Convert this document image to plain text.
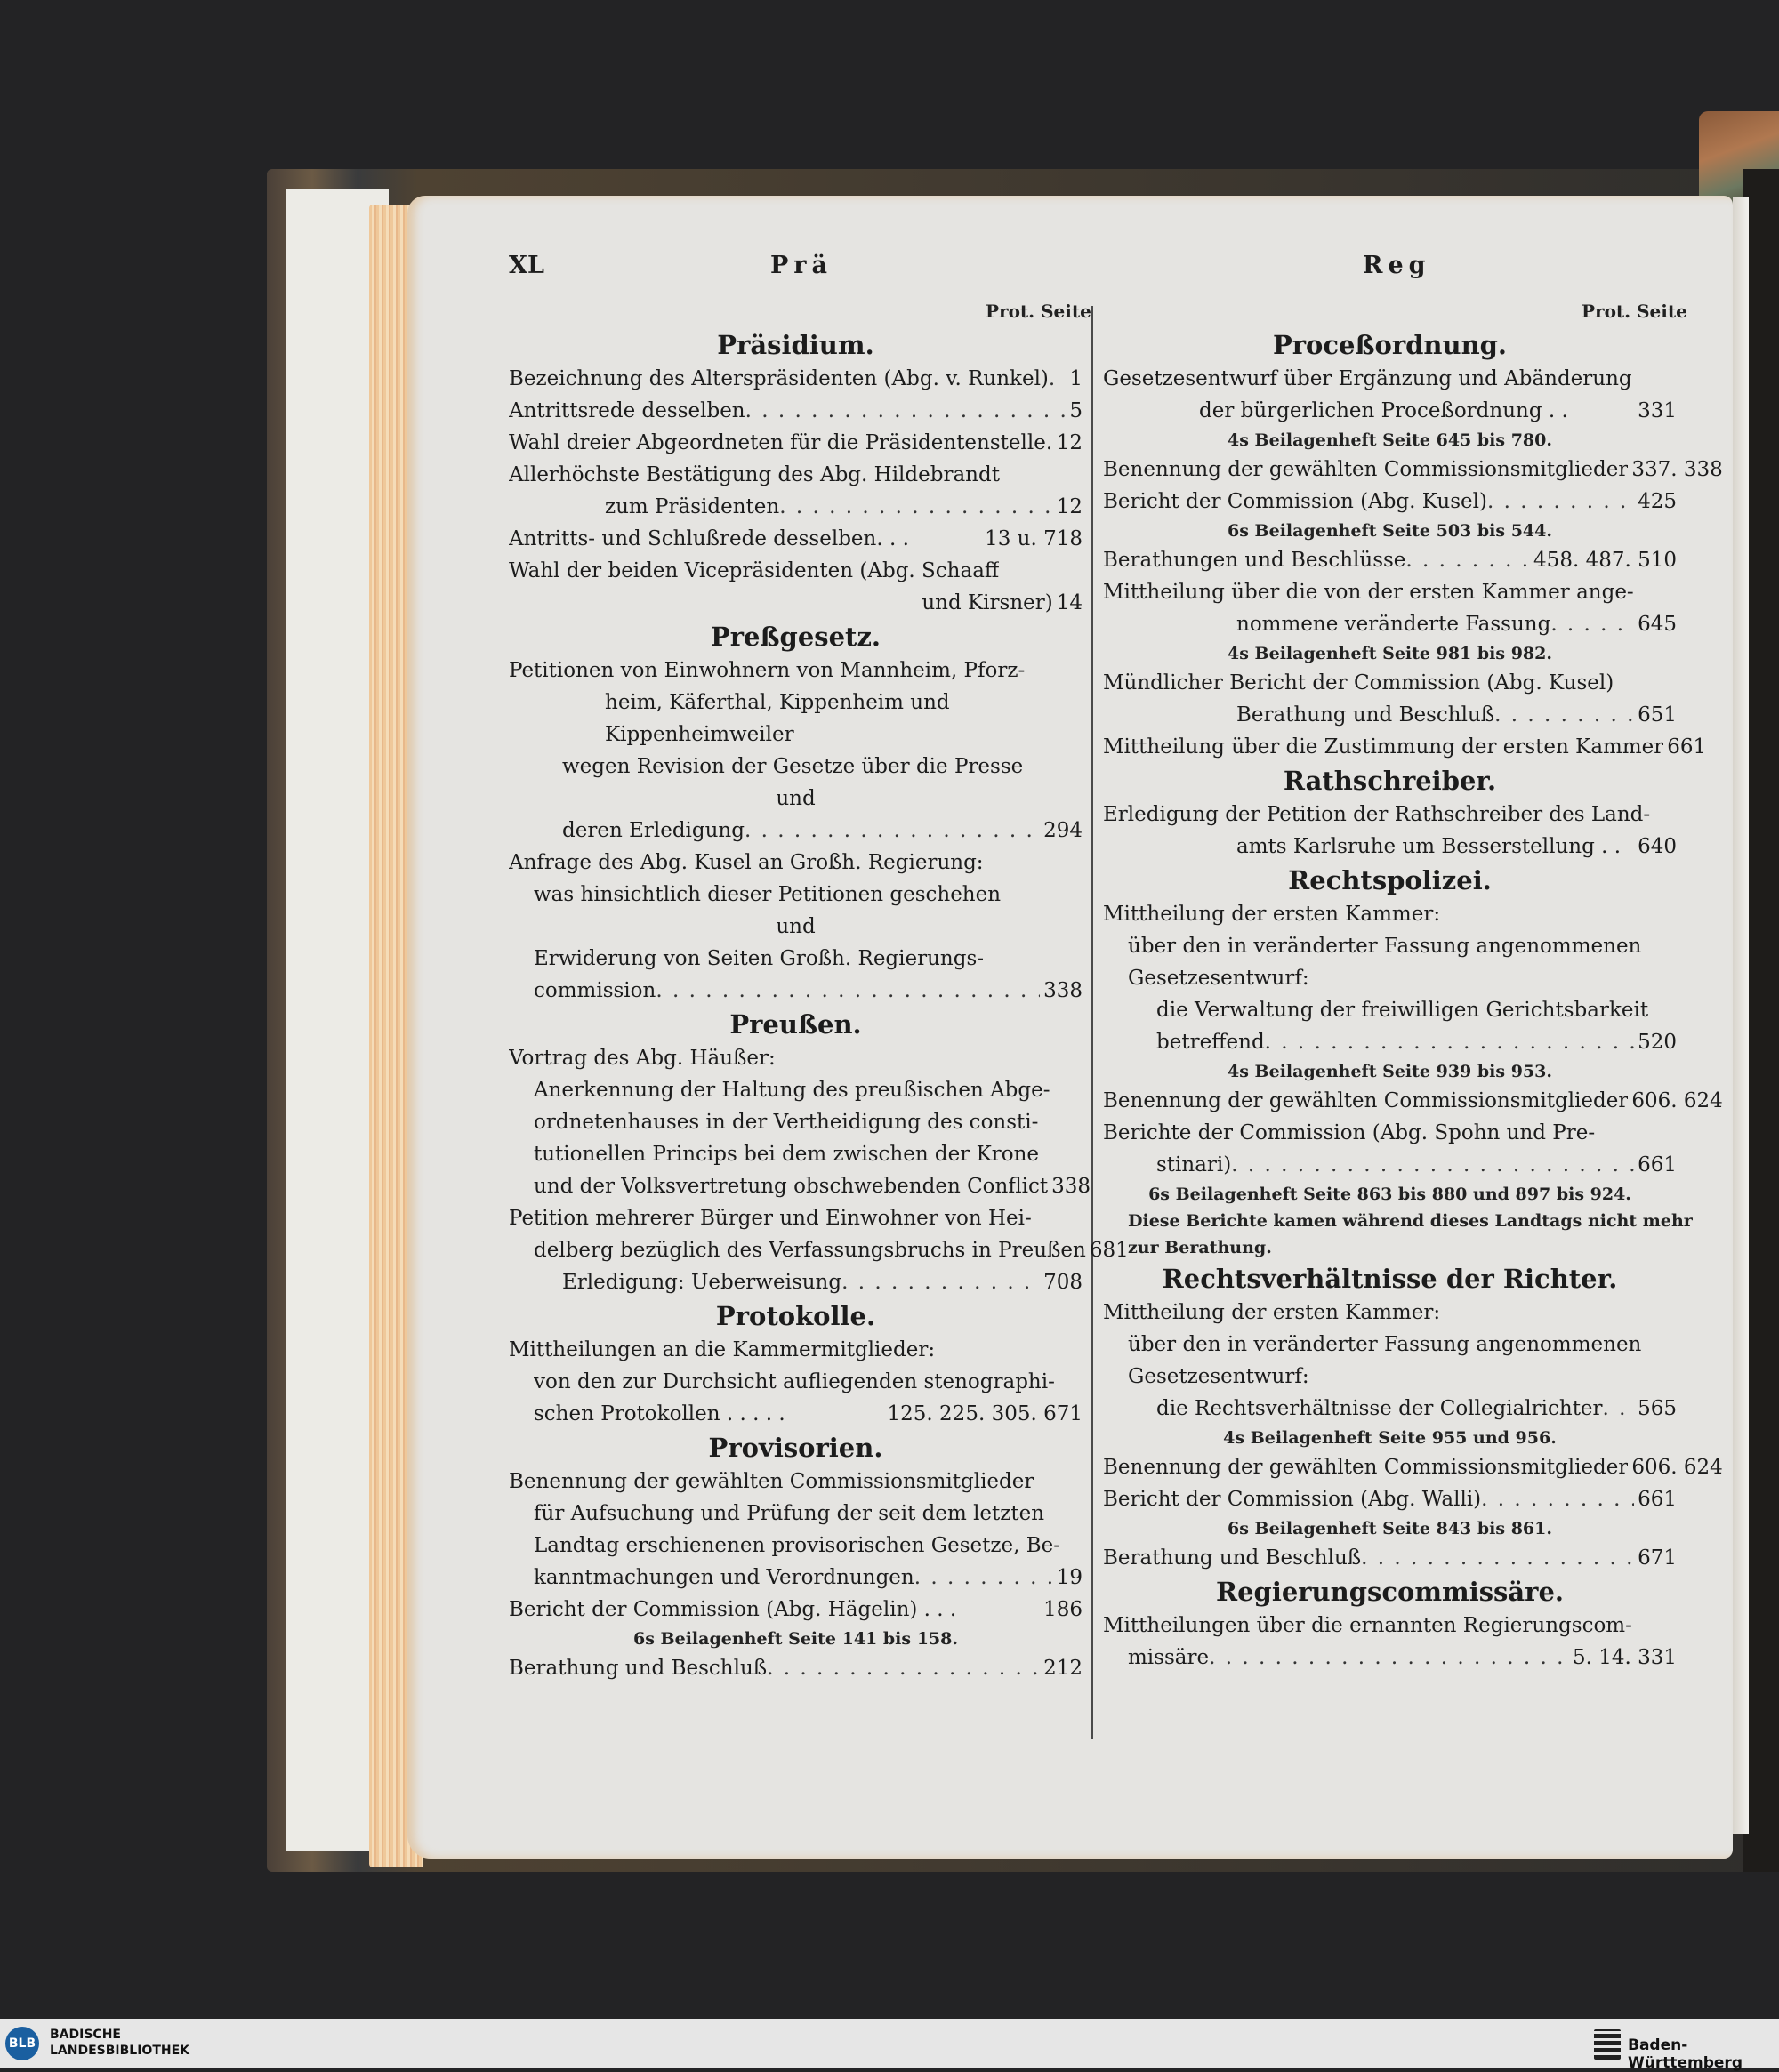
XL	Prä	Reg
Prot. Seite	Prot. Seite
Präsidium.
Bezeichnung des Alterspräsidenten (Abg. v. Runkel) . . . 1
Antrittsrede desselben . . .	5
Wahl dreier Abgeordneten für die Präsidentenstelle. . . . 12
Allerhöchste Bestätigung des Abg. Hildebrandt
zum Präsidenten . . .	12
Antritts- und Schlußrede desselben. . .	13 u. 718
Wahl der beiden Vicepräsidenten (Abg. Schaaff
und Kirsner) 14
Preßgesetz.
Petitionen von Einwohnern von Mannheim, Pforz-
heim, Käferthal, Kippenheim und
Kippenheimweiler
wegen Revision der Gesetze über die Presse
und
deren Erledigung . . .	294
Anfrage des Abg. Kusel an Großh. Regierung:
was hinsichtlich dieser Petitionen geschehen
und
Erwiderung von Seiten Großh. Regierungs-
commission . . .	338
Preußen.
Vortrag des Abg. Häußer:
Anerkennung der Haltung des preußischen Abge-
ordnetenhauses in der Vertheidigung des consti-
tutionellen Princips bei dem zwischen der Krone
und der Volksvertretung obschwebenden Conflict 338
Petition mehrerer Bürger und Einwohner von Hei-
delberg bezüglich des Verfassungsbruchs in Preußen 681
Erledigung: Ueberweisung . . .	708
Protokolle.
Mittheilungen an die Kammermitglieder:
von den zur Durchsicht aufliegenden stenographi-
schen Protokollen . . . . .	125. 225. 305. 671
Provisorien.
Benennung der gewählten Commissionsmitglieder
für Aufsuchung und Prüfung der seit dem letzten
Landtag erschienenen provisorischen Gesetze, Be-
kanntmachungen und Verordnungen . . .	19
Bericht der Commission (Abg. Hägelin) . . .	186
6s Beilagenheft Seite 141 bis 158.
Berathung und Beschluß . . .	212
Proceßordnung.
Gesetzesentwurf über Ergänzung und Abänderung
der bürgerlichen Proceßordnung . .	331
4s Beilagenheft Seite 645 bis 780.
Benennung der gewählten Commissionsmitglieder 337. 338
Bericht der Commission (Abg. Kusel) . . .	425
6s Beilagenheft Seite 503 bis 544.
Berathungen und Beschlüsse . . .	458. 487. 510
Mittheilung über die von der ersten Kammer ange-
nommene veränderte Fassung . . .	645
4s Beilagenheft Seite 981 bis 982.
Mündlicher Bericht der Commission (Abg. Kusel)
Berathung und Beschluß . . .	651
Mittheilung über die Zustimmung der ersten Kammer 661
Rathschreiber.
Erledigung der Petition der Rathschreiber des Land-
amts Karlsruhe um Besserstellung . . 640
Rechtspolizei.
Mittheilung der ersten Kammer:
über den in veränderter Fassung angenommenen
Gesetzesentwurf:
die Verwaltung der freiwilligen Gerichtsbarkeit
betreffend . . .	520
4s Beilagenheft Seite 939 bis 953.
Benennung der gewählten Commissionsmitglieder 606. 624
Berichte der Commission (Abg. Spohn und Pre-
stinari) . . .	661
6s Beilagenheft Seite 863 bis 880 und 897 bis 924.
Diese Berichte kamen während dieses Landtags nicht mehr
zur Berathung.
Rechtsverhältnisse der Richter.
Mittheilung der ersten Kammer:
über den in veränderter Fassung angenommenen
Gesetzesentwurf:
die Rechtsverhältnisse der Collegialrichter . . . 565
4s Beilagenheft Seite 955 und 956.
Benennung der gewählten Commissionsmitglieder 606. 624
Bericht der Commission (Abg. Walli) . . .	661
6s Beilagenheft Seite 843 bis 861.
Berathung und Beschluß . . .	671
Regierungscommissäre.
Mittheilungen über die ernannten Regierungscom-
missäre . . .	5. 14. 331
BLB
BADISCHE
LANDESBIBLIOTHEK	Baden-Württemberg
